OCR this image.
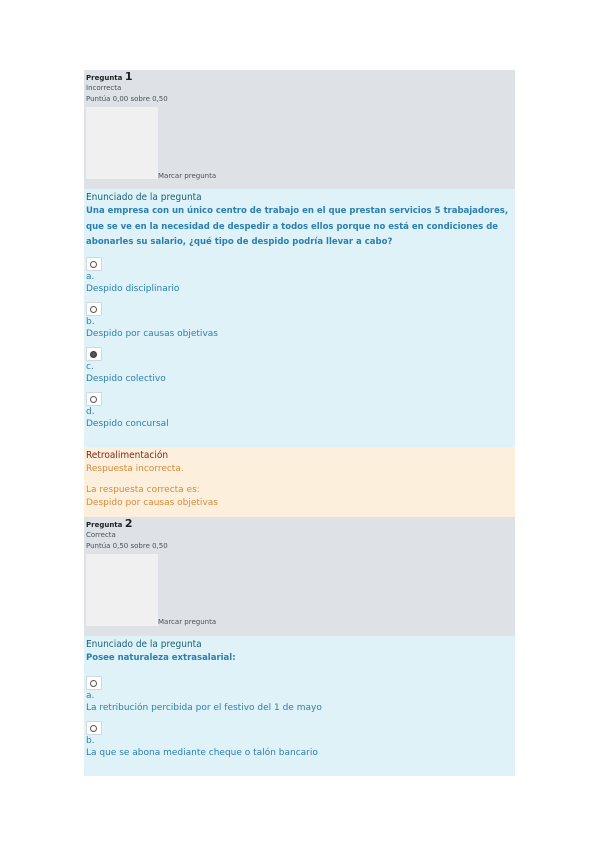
Pregunta 1
Incorrecta
Puntúa 0,00 sobre 0,50
Marcar pregunta
Enunciado de la pregunta
Una empresa con un único centro de trabajo en el que prestan servicios 5 trabajadores, que se ve en la necesidad de despedir a todos ellos porque no está en condiciones de abonarles su salario, ¿qué tipo de despido podría llevar a cabo?
a.
Despido disciplinario
b.
Despido por causas objetivas
c.
Despido colectivo
d.
Despido concursal
Retroalimentación
Respuesta incorrecta.
La respuesta correcta es:
Despido por causas objetivas
Pregunta 2
Correcta
Puntúa 0,50 sobre 0,50
Marcar pregunta
Enunciado de la pregunta
Posee naturaleza extrasalarial:
a.
La retribución percibida por el festivo del 1 de mayo
b.
La que se abona mediante cheque o talón bancario
